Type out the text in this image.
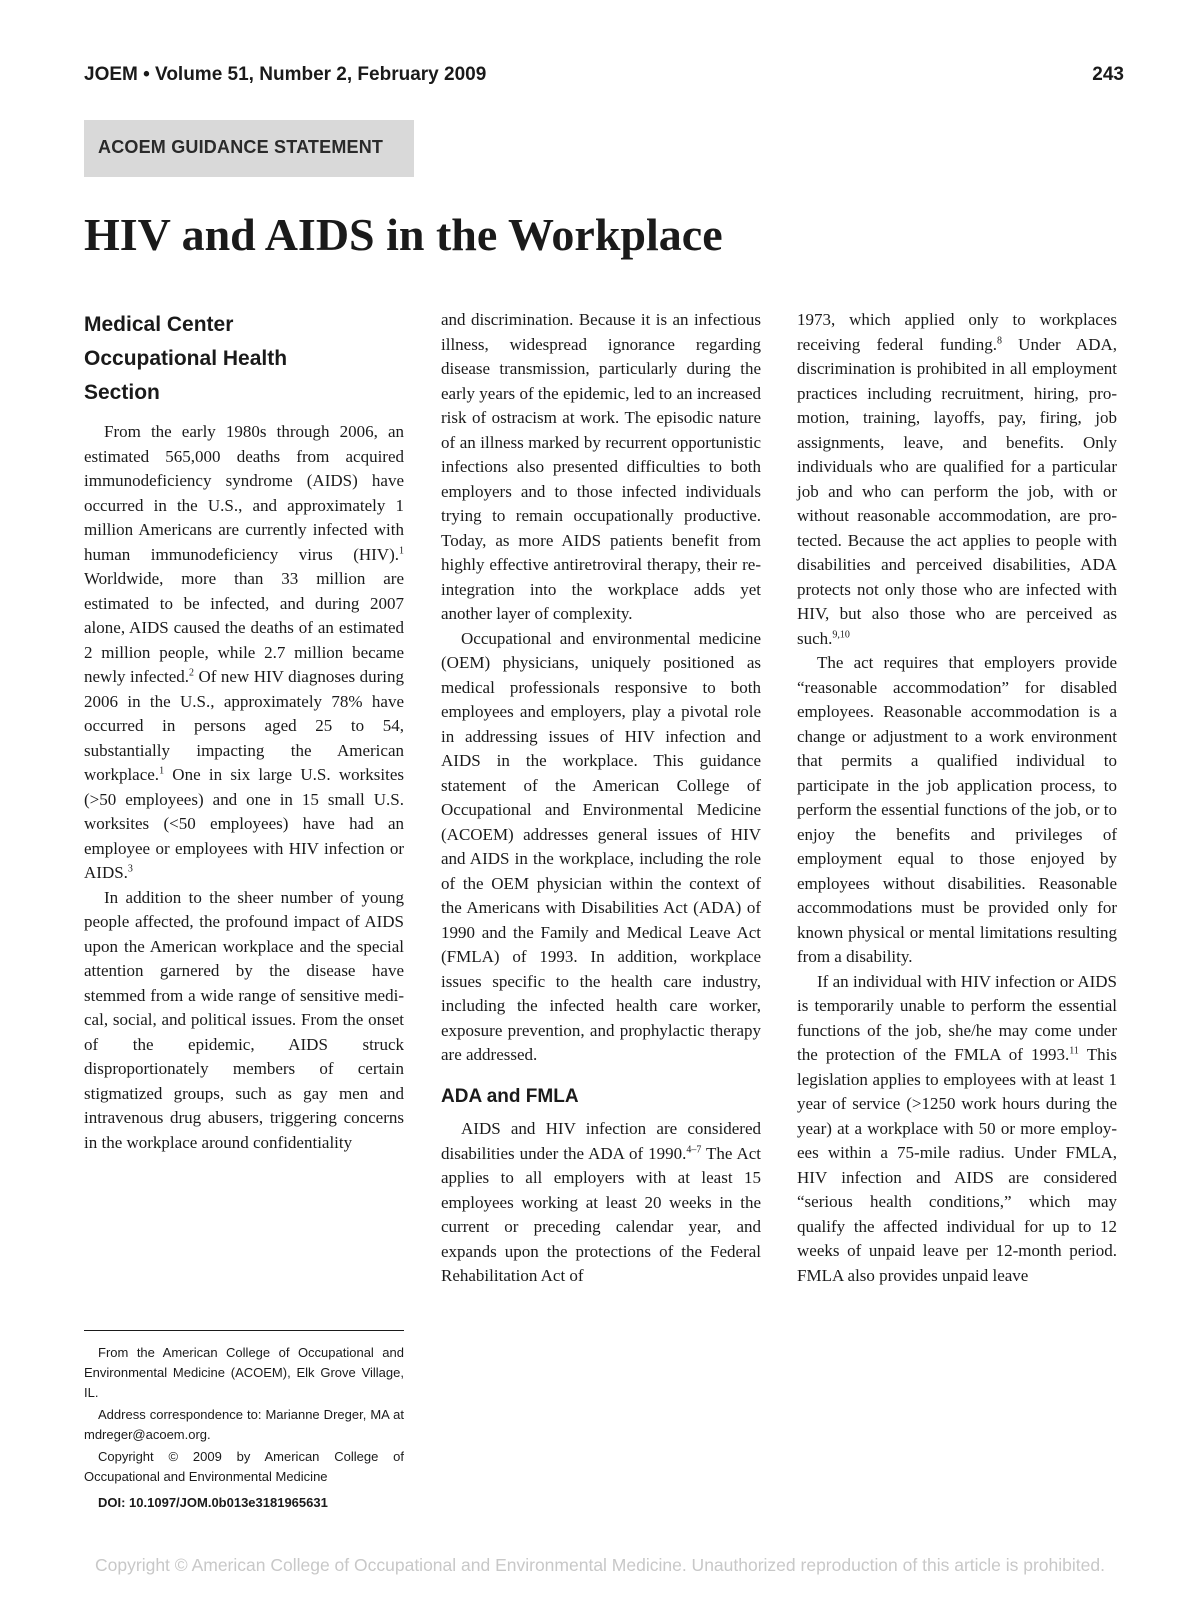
JOEM • Volume 51, Number 2, February 2009	243
ACOEM GUIDANCE STATEMENT
HIV and AIDS in the Workplace
Medical Center Occupational Health Section

From the early 1980s through 2006, an estimated 565,000 deaths from acquired immunodeficiency syndrome (AIDS) have occurred in the U.S., and approximately 1 million Americans are currently infected with human immunodeficiency virus (HIV).$^1$ Worldwide, more than 33 million are estimated to be infected, and during 2007 alone, AIDS caused the deaths of an estimated 2 million people, while 2.7 million became newly infected.$^2$ Of new HIV diagnoses during 2006 in the U.S., approximately 78% have occurred in persons aged 25 to 54, substantially impacting the American workplace.$^1$ One in six large U.S. worksites (>50 employees) and one in 15 small U.S. worksites (<50 employees) have had an employee or employees with HIV infection or AIDS.$^3$

In addition to the sheer number of young people affected, the profound impact of AIDS upon the American workplace and the special attention garnered by the disease have stemmed from a wide range of sensitive medical, social, and political issues. From the onset of the epidemic, AIDS struck disproportionately members of certain stigmatized groups, such as gay men and intravenous drug abusers, triggering concerns in the workplace around confidentiality

and discrimination. Because it is an infectious illness, widespread ignorance regarding disease transmission, particularly during the early years of the epidemic, led to an increased risk of ostracism at work. The episodic nature of an illness marked by recurrent opportunistic infections also presented difficulties to both employers and to those infected individuals trying to remain occupationally productive. Today, as more AIDS patients benefit from highly effective antiretroviral therapy, their reintegration into the workplace adds yet another layer of complexity.

Occupational and environmental medicine (OEM) physicians, uniquely positioned as medical professionals responsive to both employees and employers, play a pivotal role in addressing issues of HIV infection and AIDS in the workplace. This guidance statement of the American College of Occupational and Environmental Medicine (ACOEM) addresses general issues of HIV and AIDS in the workplace, including the role of the OEM physician within the context of the Americans with Disabilities Act (ADA) of 1990 and the Family and Medical Leave Act (FMLA) of 1993. In addition, workplace issues specific to the health care industry, including the infected health care worker, exposure prevention, and prophylactic therapy are addressed.

ADA and FMLA

AIDS and HIV infection are considered disabilities under the ADA of 1990.$^{4-7}$ The Act applies to all employers with at least 15 employees working at least 20 weeks in the current or preceding calendar year, and expands upon the protections of the Federal Rehabilitation Act of

1973, which applied only to workplaces receiving federal funding.$^8$ Under ADA, discrimination is prohibited in all employment practices including recruitment, hiring, promotion, training, layoffs, pay, firing, job assignments, leave, and benefits. Only individuals who are qualified for a particular job and who can perform the job, with or without reasonable accommodation, are protected. Because the act applies to people with disabilities and perceived disabilities, ADA protects not only those who are infected with HIV, but also those who are perceived as such.$^{9,10}$

The act requires that employers provide “reasonable accommodation” for disabled employees. Reasonable accommodation is a change or adjustment to a work environment that permits a qualified individual to participate in the job application process, to perform the essential functions of the job, or to enjoy the benefits and privileges of employment equal to those enjoyed by employees without disabilities. Reasonable accommodations must be provided only for known physical or mental limitations resulting from a disability.

If an individual with HIV infection or AIDS is temporarily unable to perform the essential functions of the job, she/he may come under the protection of the FMLA of 1993.11 This legislation applies to employees with at least 1 year of service (>1250 work hours during the year) at a workplace with 50 or more employees within a 75-mile radius. Under FMLA, HIV infection and AIDS are considered “serious health conditions,” which may qualify the affected individual for up to 12 weeks of unpaid leave per 12-month period. FMLA also provides unpaid leave

From the American College of Occupational and Environmental Medicine (ACOEM), Elk Grove Village, IL.

Address correspondence to: Marianne Dreger, MA at mdreger@acoem.org.

Copyright © 2009 by American College of Occupational and Environmental Medicine

DOI: 10.1097/JOM.0b013e3181965631

Copyright © American College of Occupational and Environmental Medicine. Unauthorized reproduction of this article is prohibited.
